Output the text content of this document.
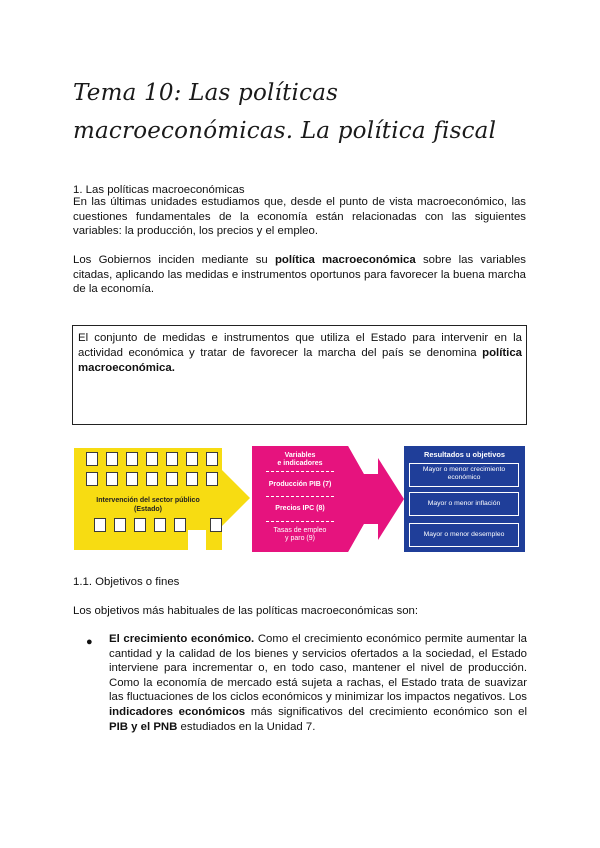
Tema 10: Las políticas macroeconómicas. La política fiscal
1. Las políticas macroeconómicas
En las últimas unidades estudiamos que, desde el punto de vista macroeconómico, las cuestiones fundamentales de la economía están relacionadas con las siguientes variables: la producción, los precios y el empleo.
Los Gobiernos inciden mediante su política macroeconómica sobre las variables citadas, aplicando las medidas e instrumentos oportunos para favorecer la buena marcha de la economía.
El conjunto de medidas e instrumentos que utiliza el Estado para intervenir en la actividad económica y tratar de favorecer la marcha del país se denomina política macroeconómica.
Intervención del sector público
(Estado)
Variables
e indicadores
Producción PIB (7)
Precios IPC (8)
Tasas de empleo
y paro (9)
Resultados u objetivos
Mayor o menor crecimiento
económico
Mayor o menor inflación
Mayor o menor desempleo
1.1. Objetivos o fines
Los objetivos más habituales de las políticas macroeconómicas son:
● El crecimiento económico. Como el crecimiento económico permite aumentar la cantidad y la calidad de los bienes y servicios ofertados a la sociedad, el Estado interviene para incrementar o, en todo caso, mantener el nivel de producción. Como la economía de mercado está sujeta a rachas, el Estado trata de suavizar las fluctuaciones de los ciclos económicos y minimizar los impactos negativos. Los indicadores económicos más significativos del crecimiento económico son el PIB y el PNB estudiados en la Unidad 7.
